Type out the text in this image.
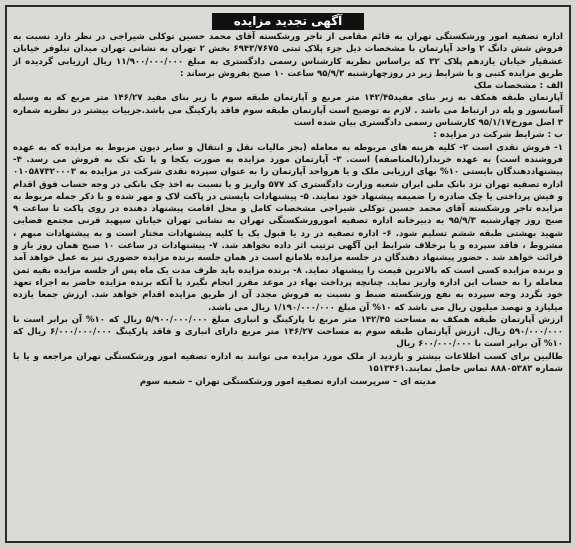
آگهی تجدید مزایده

اداره تصفیه امور ورشکستگی تهران به قائم مقامی از تاجر ورشکسته آقای محمد حسین توکلی شیراجی در نظر دارد نسبت به فروش شش دانگ ۲ واحد آپارتمان با مشخصات ذیل جزء پلاک ثبتی ۶۹۴۳/۷۶۷۵ بخش ۲ تهران به نشانی تهران میدان نیلوفر خیابان عشقیار خیابان یازدهم پلاک ۳۲ که براساس نظریه کارشناس رسمی دادگستری به مبلغ ۱۱/۹۰۰/۰۰۰/۰۰۰ ریال ارزیابی گردیده از طریق مزایده کتبی و با شرایط زیر در روزچهارشنبه ۹۵/۹/۳ ساعت ۱۰ صبح بفروش برساند :

الف : مشخصات ملک

آپارتمان طبقه همکف به زیر بنای مفید۱۴۲/۴۵ متر مربع و آپارتمان طبقه سوم با زیر بنای مفید ۱۴۶/۲۷ متر مربع که به وسیله آسانسور و پله در ارتباط می باشد . لازم به توضیح است آپارتمان طبقه سوم فاقد پارکینگ می باشد.جزییات بیشتر در نظریه شماره ۳ اصل مورخ۹۵/۱/۱۷ کارشناس رسمی دادگستری بیان شده است

ب : شرایط شرکت در مزایده :

۱- فروش نقدی است ۲- کلیه هزینه های مربوطه به معامله (بجز مالیات نقل و انتقال و سایر دیون مربوط به مزایده که به عهده فروشنده است) به عهده خریدار(بالمناصفه) است. ۳- آپارتمان مورد مزایده به صورت یکجا و یا تک تک به فروش می رسد. ۴- پیشنهاددهندگان بایستی ۱۰% بهای ارزیابی ملک و یا هرواحد آپارتمان را به عنوان سپرده نقدی شرکت در مزایده به ۰۱۰۵۸۷۳۲۰۰۰۳ اداره تصفیه تهران نزد بانک ملی ایران شعبه وزارت دادگستری کد ۵۷۷ واریز و یا نسبت به اخذ چک بانکی در وجه حساب فوق اقدام و فیش پرداختی یا چک صادره را ضمیمه پیشنهاد خود نمایند. ۵- پیشنهادات بایستی در پاکت لاک و مهر شده و با ذکر جمله مربوط به مزایده تاجر ورشکسته آقای محمد حسین توکلی شیراجی مشخصات کامل و محل اقامت پیشنهاد دهنده در روی پاکت تا ساعت ۹ صبح روز چهارشنبه ۹۵/۹/۳ به دبیرخانه اداره تصفیه امورورشکستگی تهران به نشانی تهران خیابان سپهبد قرنی مجتمع قضایی شهید بهشتی طبقه ششم تسلیم شود. ۶- اداره تصفیه در رد یا قبول یک یا کلیه پیشنهادات مختار است و به پیشنهادات مبهم ، مشروط ، فاقد سپرده و یا برخلاف شرایط این آگهی ترتیب اثر داده نخواهد شد. ۷- پیشنهادات در ساعت ۱۰ صبح همان روز باز و قرائت خواهد شد . حضور پیشنهاد دهندگان در جلسه مزایده بلامانع است در همان جلسه برنده مزایده حضوری نیز به عمل خواهد آمد و برنده مزایده کسی است که بالاترین قیمت را پیشنهاد نماید. ۸- برنده مزایده باید ظرف مدت یک ماه پس از جلسه مزایده بقیه ثمن معامله را به حساب این اداره واریز نماید. چنانچه پرداخت بهاء در موعد مقرر انجام نگیرد یا آنکه برنده مزایده حاضر به اجراء تعهد خود نگردد وجه سپرده به نفع ورشکسته ضبط و نسبت به فروش مجدد آن از طریق مزایده اقدام خواهد شد. ارزش جمعا یازده میلیارد و نهصد میلیون ریال می باشد که ۱۰% آن مبلغ ۱/۱۹۰/۰۰۰/۰۰۰ ریال می باشد.

ارزش آپارتمان طبقه همکف به مساحت ۱۴۲/۴۵ متر مربع با پارکینگ و انباری مبلغ ۵/۹۰۰/۰۰۰/۰۰۰ ریال که ۱۰% آن برابر است با ۵۹۰/۰۰۰/۰۰۰ ریال. ارزش آپارتمان طبقه سوم به مساحت ۱۴۶/۲۷ متر مربع دارای انباری و فاقد پارکینگ ۶/۰۰۰/۰۰۰/۰۰۰ ریال که ۱۰% آن برابر است با ۶۰۰/۰۰۰/۰۰۰ ریال

طالبین برای کسب اطلاعات بیشتر و بازدید از ملک مورد مزایده می توانند به اداره تصفیه امور ورشکستگی تهران مراجعه و یا با شماره ۸۸۸۰۵۳۸۳ تماس حاصل نمایند.۱۵۱۳۴۶۱

مدیته ای – سرپرست اداره تصفیه امور ورشکستگی تهران – شعبه سوم
